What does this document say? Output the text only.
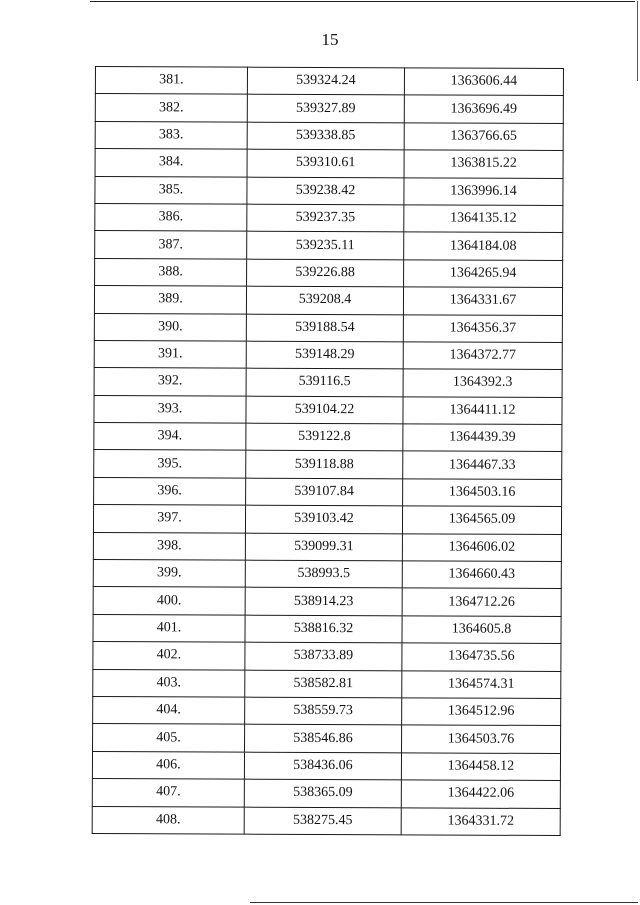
15
381.	539324.24	1363606.44
382.	539327.89	1363696.49
383.	539338.85	1363766.65
384.	539310.61	1363815.22
385.	539238.42	1363996.14
386.	539237.35	1364135.12
387.	539235.11	1364184.08
388.	539226.88	1364265.94
389.	539208.4	1364331.67
390.	539188.54	1364356.37
391.	539148.29	1364372.77
392.	539116.5	1364392.3
393.	539104.22	1364411.12
394.	539122.8	1364439.39
395.	539118.88	1364467.33
396.	539107.84	1364503.16
397.	539103.42	1364565.09
398.	539099.31	1364606.02
399.	538993.5	1364660.43
400.	538914.23	1364712.26
401.	538816.32	1364605.8
402.	538733.89	1364735.56
403.	538582.81	1364574.31
404.	538559.73	1364512.96
405.	538546.86	1364503.76
406.	538436.06	1364458.12
407.	538365.09	1364422.06
408.	538275.45	1364331.72
